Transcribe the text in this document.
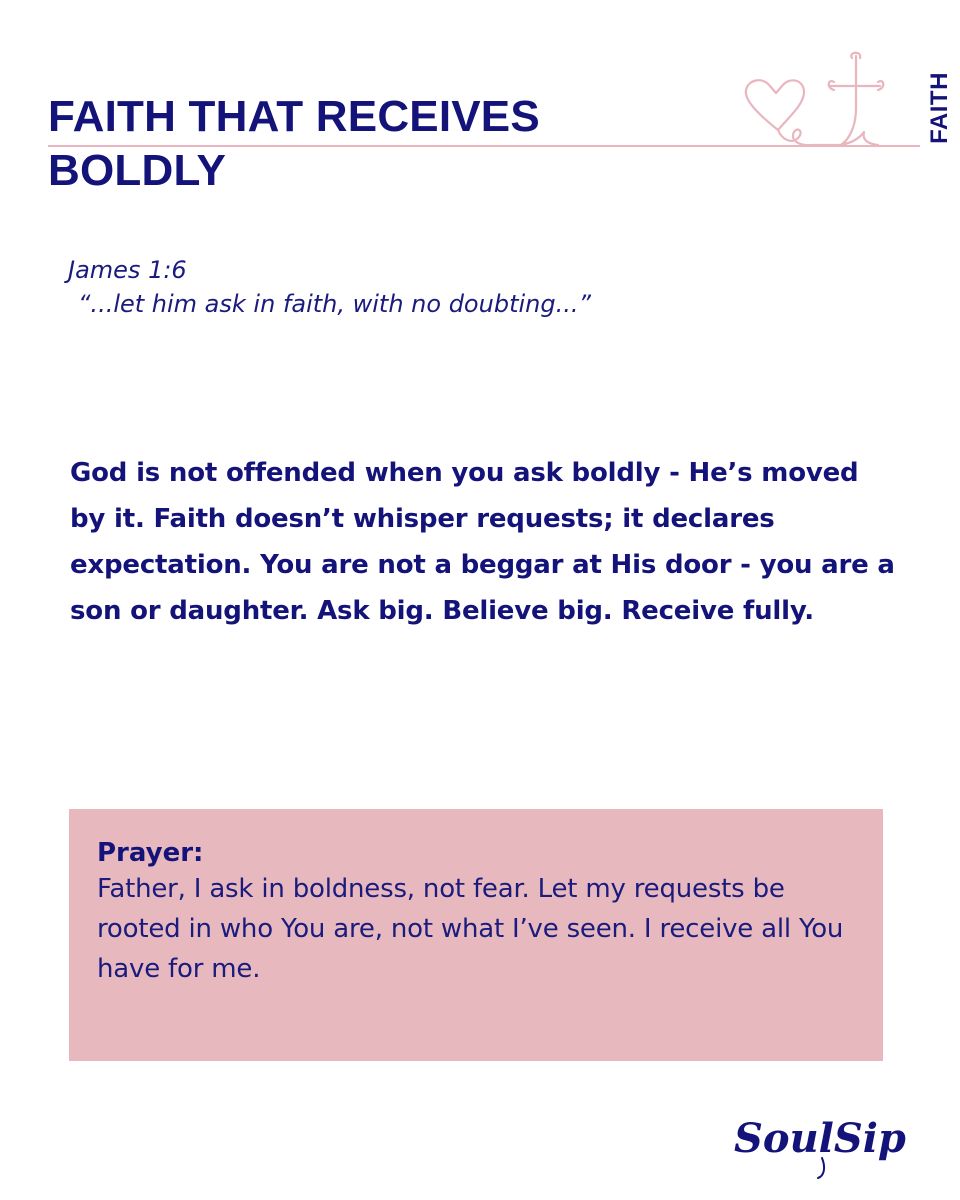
FAITH THAT RECEIVES
BOLDLY
FAITH
James 1:6
“...let him ask in faith, with no doubting...”

God is not offended when you ask boldly - He’s moved by it. Faith doesn’t whisper requests; it declares expectation. You are not a beggar at His door - you are a son or daughter. Ask big. Believe big. Receive fully.

Prayer:

Father, I ask in boldness, not fear. Let my requests be rooted in who You are, not what I’ve seen. I receive all You have for me.

SoulSip
